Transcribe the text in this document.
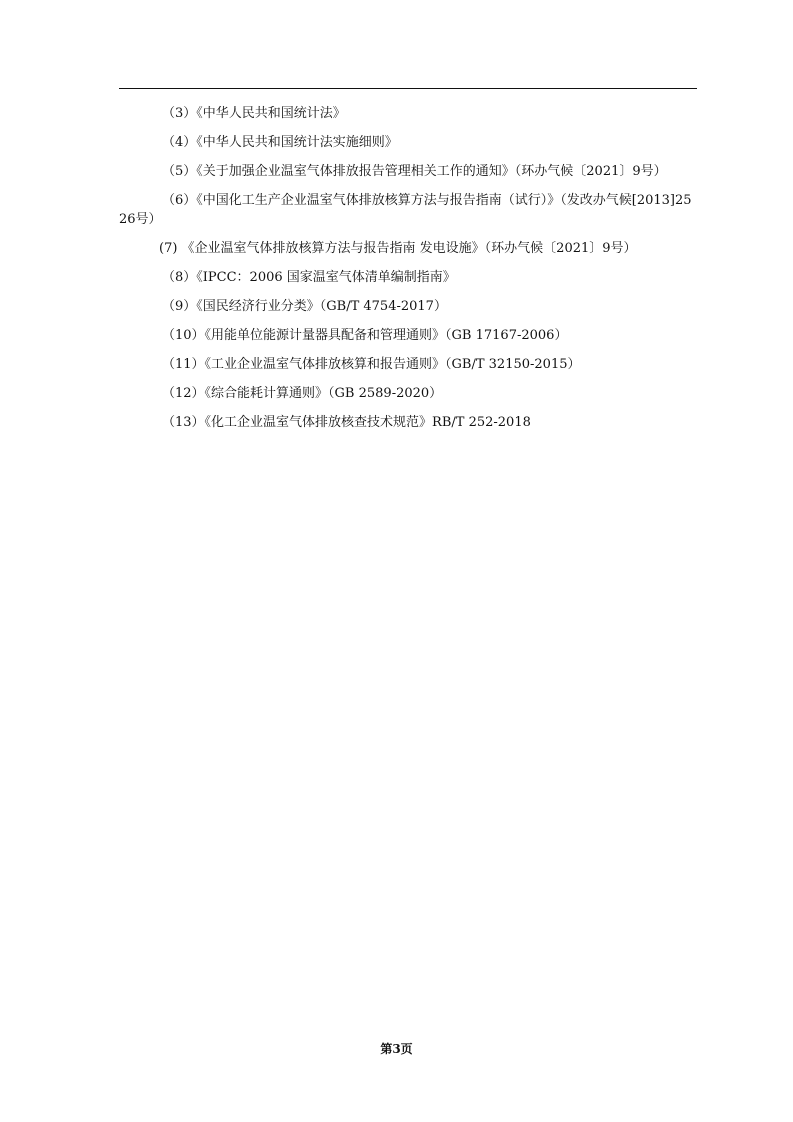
（3）《中华人民共和国统计法》
（4）《中华人民共和国统计法实施细则》
（5）《关于加强企业温室气体排放报告管理相关工作的通知》（环办气候〔2021〕9号）
（6）《中国化工生产企业温室气体排放核算方法与报告指南（试行）》（发改办气候[2013]2526号）
(7) 《企业温室气体排放核算方法与报告指南 发电设施》（环办气候〔2021〕9号）
（8）《IPCC：2006 国家温室气体清单编制指南》
（9）《国民经济行业分类》（GB/T 4754-2017）
（10）《用能单位能源计量器具配备和管理通则》（GB 17167-2006）
（11）《工业企业温室气体排放核算和报告通则》（GB/T 32150-2015）
（12）《综合能耗计算通则》（GB 2589-2020）
（13）《化工企业温室气体排放核查技术规范》RB/T 252-2018
第3页
